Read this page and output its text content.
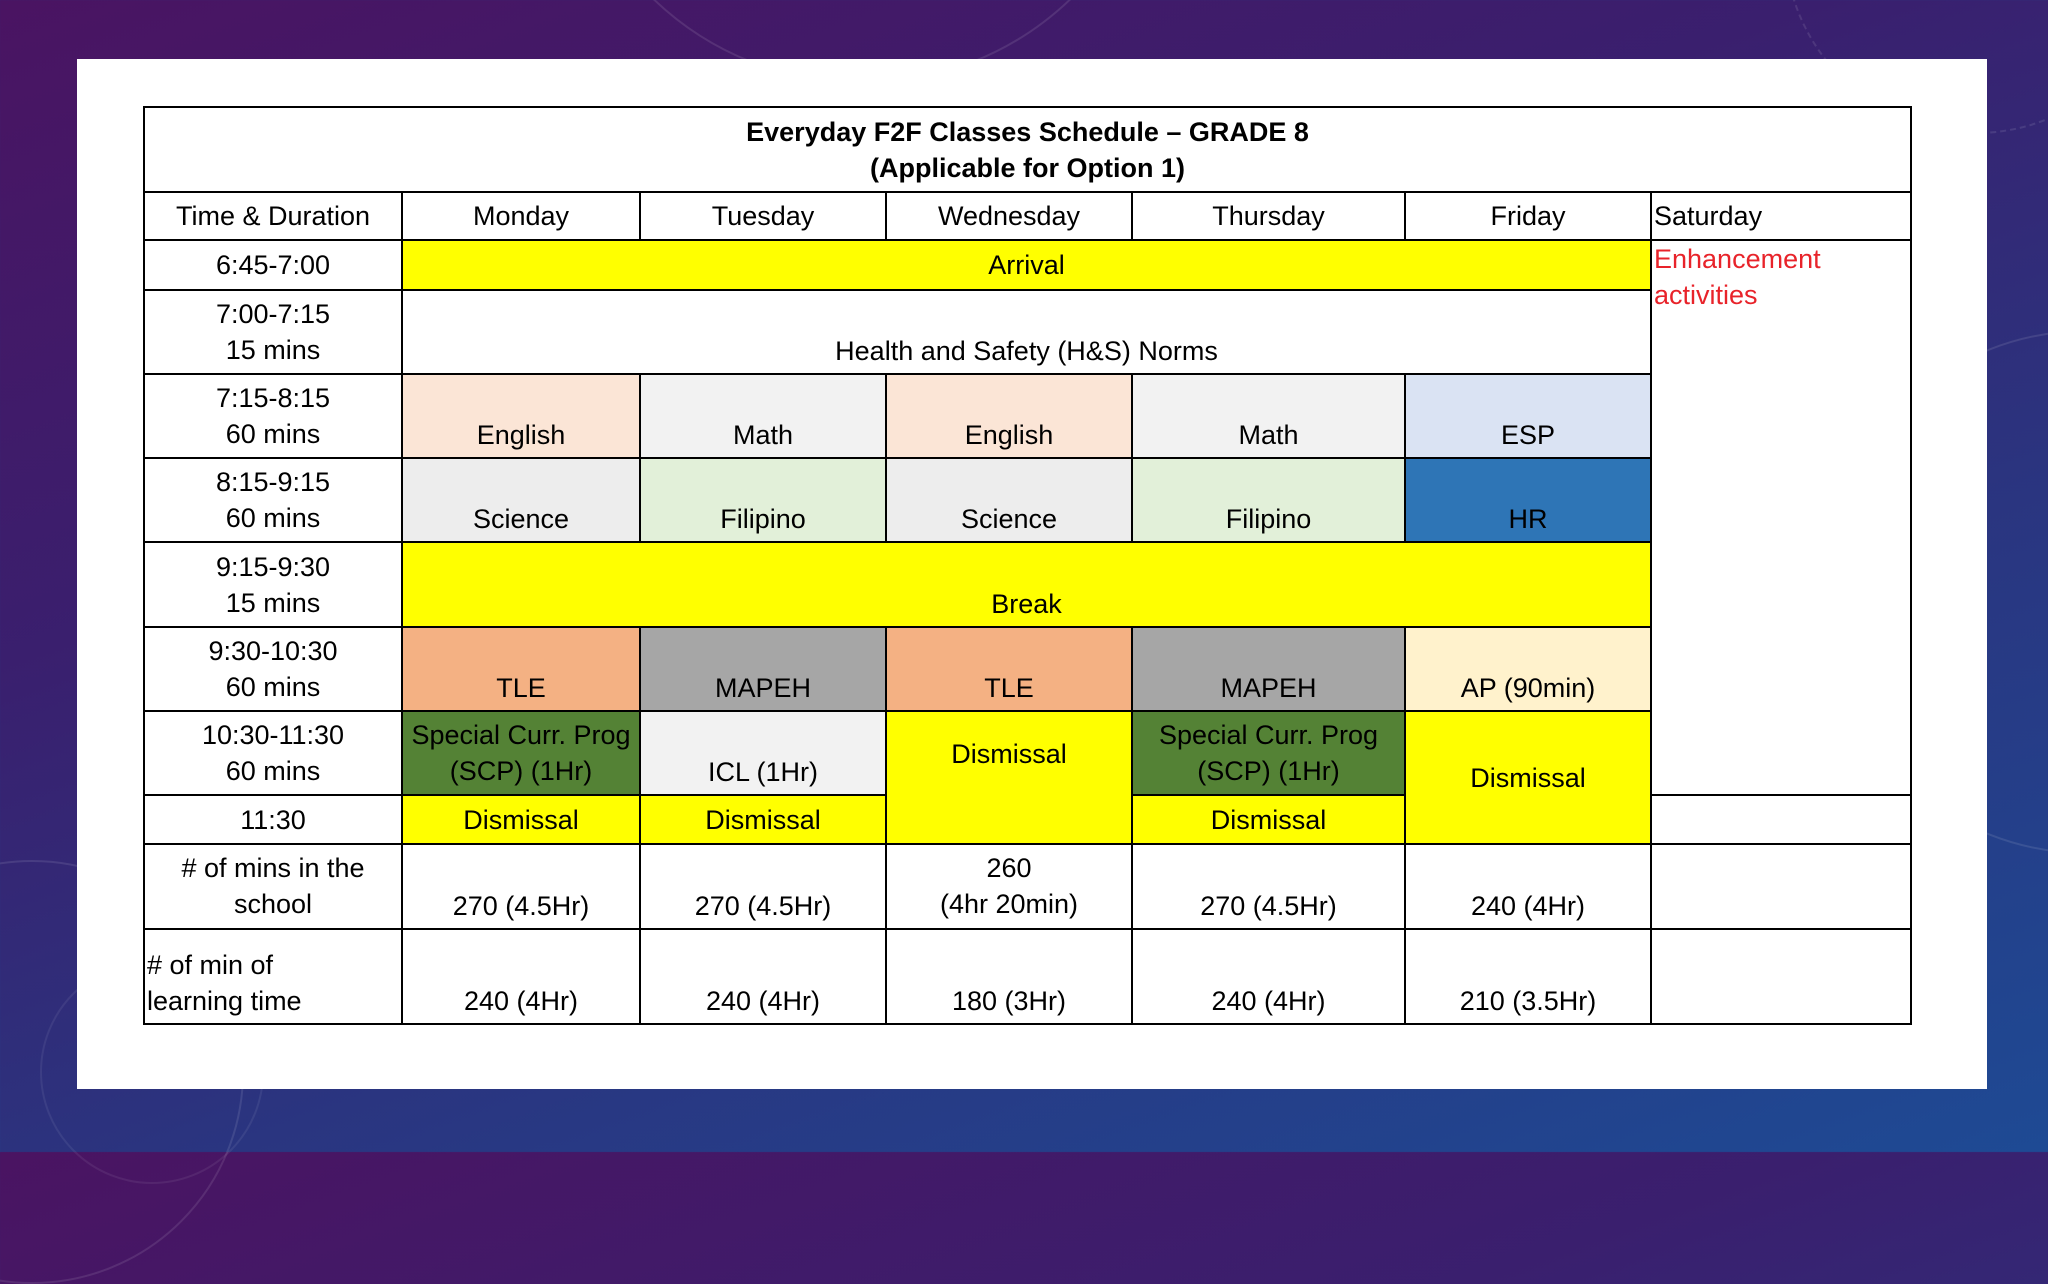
Everyday F2F Classes Schedule – GRADE 8
(Applicable for Option 1)						

Time & Duration	Monday	Tuesday	Wednesday	Thursday	Friday	Saturday

6:45-7:00	Arrival					Enhancement
activities

7:00-7:15
15 mins	Health and Safety (H&S) Norms					

7:15-8:15
60 mins	English	Math	English	Math	ESP	

8:15-9:15
60 mins	Science	Filipino	Science	Filipino	HR	

9:15-9:30
15 mins	Break					

9:30-10:30
60 mins	TLE	MAPEH	TLE	MAPEH	AP (90min)	

10:30-11:30
60 mins	Special Curr. Prog
(SCP) (1Hr)	ICL (1Hr)	Dismissal	Special Curr. Prog
(SCP) (1Hr)	Dismissal	

11:30	Dismissal	Dismissal		Dismissal		

# of mins in the
school	270 (4.5Hr)	270 (4.5Hr)	260
(4hr 20min)	270 (4.5Hr)	240 (4Hr)	

# of min of
learning time	240 (4Hr)	240 (4Hr)	180 (3Hr)	240 (4Hr)	210 (3.5Hr)	
